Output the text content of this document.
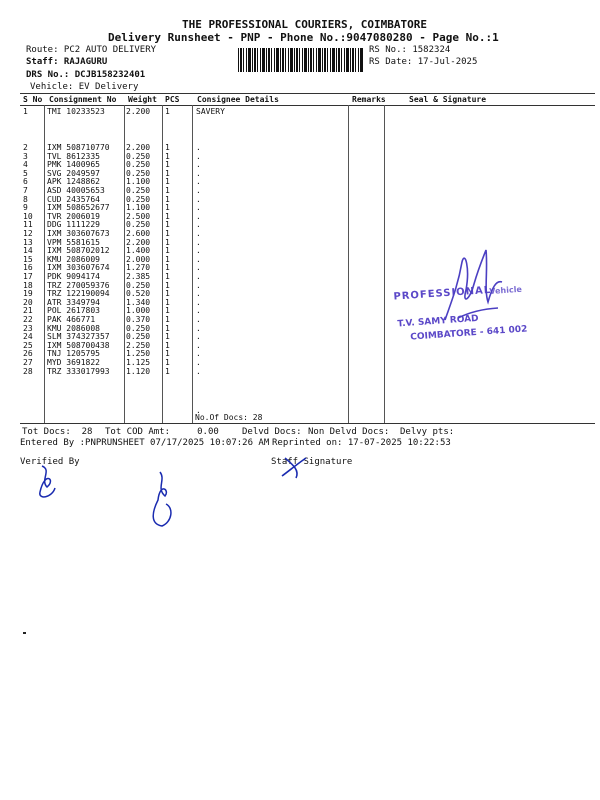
THE PROFESSIONAL COURIERS, COIMBATORE
Delivery Runsheet - PNP - Phone No.:9047080280 - Page No.:1
Route: PC2 AUTO DELIVERY
Staff: RAJAGURU
DRS No.: DCJB158232401
Vehicle: EV Delivery
RS No.: 1582324
RS Date: 17-Jul-2025
S No Consignment No Weight PCS Consignee Details	Remarks	Seal & Signature
1 TMI 10233523	2.200 1	SAVERY
2 IXM 508710770 2.200 1	.
3 TVL 8612335	0.250 1	.
4 PMK 1400965	0.250 1	.
5 SVG 2049597	0.250 1	.
6 APK 1248862	1.100 1	.
7 ASD 40005653	0.250 1	.
8 CUD 2435764	0.250 1	.
9 IXM 508652677 1.100 1	.
10 TVR 2006019	2.500 1	.
11 DDG 1111229	0.250 1	.
12 IXM 303607673 2.600 1	.
13 VPM 5581615	2.200 1	.
14 IXM 508702012 1.400 1	.
15 KMU 2086009	2.000 1	.
16 IXM 303607674 1.270 1	.
17 PDK 9094174	2.385 1	.
18 TRZ 270059376 0.250 1	.
19 TRZ 122190094 0.520 1	.
20 ATR 3349794	1.340 1	.
21 POL 2617803	1.000 1	.
22 PAK 466771	0.370 1	.
23 KMU 2086008	0.250 1	.
24 SLM 374327357 0.250 1	.
25 IXM 508700438 2.250 1	.
26 TNJ 1205795	1.250 1	.
27 MYD 3691822	1.125 1	.
28 TRZ 333017993 1.120 1	.
.
No.Of Docs: 28
Tot Docs:  28 Tot COD Amt:     0.00	Delvd Docs: Non Delvd Docs: Delvy pts:
Entered By :PNPRUNSHEET 07/17/2025 10:07:26 AM Reprinted on: 17-07-2025 10:22:53
Verified By	Staff Signature
PROFESSIONAL
Vehicle
T.V. SAMY ROAD
COIMBATORE - 641 002
